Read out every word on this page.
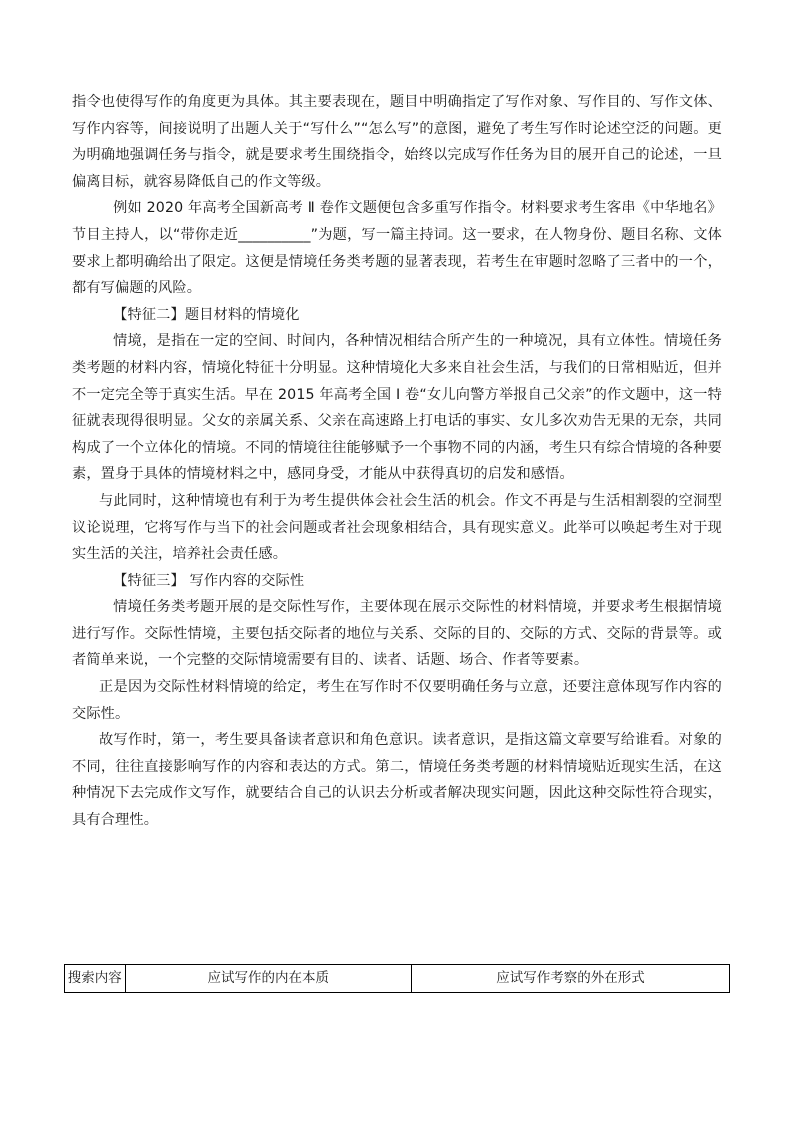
指令也使得写作的角度更为具体。其主要表现在，题目中明确指定了写作对象、写作目的、写作文体、写作内容等，间接说明了出题人关于“写什么”“怎么写”的意图，避免了考生写作时论述空泛的问题。更为明确地强调任务与指令，就是要求考生围绕指令，始终以完成写作任务为目的展开自己的论述，一旦偏离目标，就容易降低自己的作文等级。

例如 2020 年高考全国新高考 Ⅱ 卷作文题便包含多重写作指令。材料要求考生客串《中华地名》节目主持人，以“带你走近__________”为题，写一篇主持词。这一要求，在人物身份、题目名称、文体要求上都明确给出了限定。这便是情境任务类考题的显著表现，若考生在审题时忽略了三者中的一个，都有写偏题的风险。

【特征二】题目材料的情境化

情境，是指在一定的空间、时间内，各种情况相结合所产生的一种境况，具有立体性。情境任务类考题的材料内容，情境化特征十分明显。这种情境化大多来自社会生活，与我们的日常相贴近，但并不一定完全等于真实生活。早在 2015 年高考全国 I 卷“女儿向警方举报自己父亲”的作文题中，这一特征就表现得很明显。父女的亲属关系、父亲在高速路上打电话的事实、女儿多次劝告无果的无奈，共同构成了一个立体化的情境。不同的情境往往能够赋予一个事物不同的内涵，考生只有综合情境的各种要素，置身于具体的情境材料之中，感同身受，才能从中获得真切的启发和感悟。

与此同时，这种情境也有利于为考生提供体会社会生活的机会。作文不再是与生活相割裂的空洞型议论说理，它将写作与当下的社会问题或者社会现象相结合，具有现实意义。此举可以唤起考生对于现实生活的关注，培养社会责任感。

【特征三】 写作内容的交际性

情境任务类考题开展的是交际性写作，主要体现在展示交际性的材料情境，并要求考生根据情境进行写作。交际性情境，主要包括交际者的地位与关系、交际的目的、交际的方式、交际的背景等。或者简单来说，一个完整的交际情境需要有目的、读者、话题、场合、作者等要素。

正是因为交际性材料情境的给定，考生在写作时不仅要明确任务与立意，还要注意体现写作内容的交际性。

故写作时，第一，考生要具备读者意识和角色意识。读者意识，是指这篇文章要写给谁看。对象的不同，往往直接影响写作的内容和表达的方式。第二，情境任务类考题的材料情境贴近现实生活，在这种情况下去完成作文写作，就要结合自己的认识去分析或者解决现实问题，因此这种交际性符合现实，具有合理性。

搜索内容	应试写作的内在本质	应试写作考察的外在形式
